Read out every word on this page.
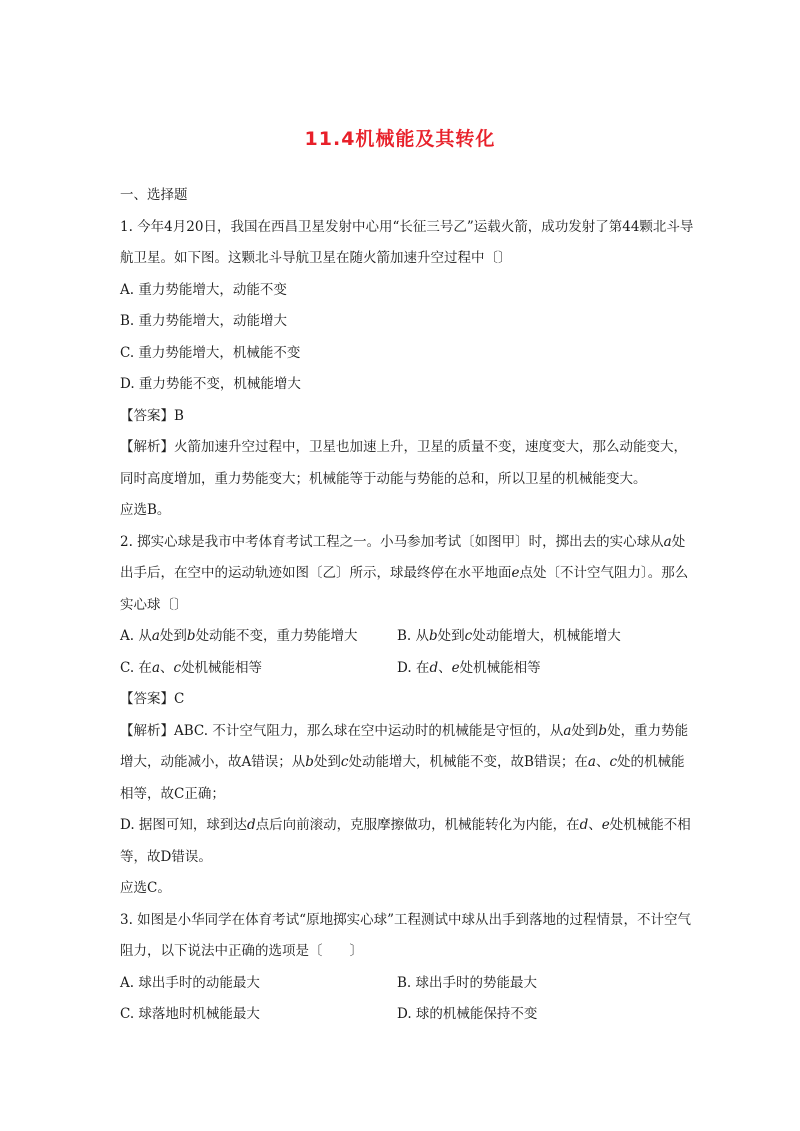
11.4机械能及其转化
一、选择题
1. 今年4月20日，我国在西昌卫星发射中心用“长征三号乙”运载火箭，成功发射了第44颗北斗导航卫星。如下图。这颗北斗导航卫星在随火箭加速升空过程中〔〕
A. 重力势能增大，动能不变
B. 重力势能增大，动能增大
C. 重力势能增大，机械能不变
D. 重力势能不变，机械能增大
【答案】B
【解析】火箭加速升空过程中，卫星也加速上升，卫星的质量不变，速度变大，那么动能变大，同时高度增加，重力势能变大；机械能等于动能与势能的总和，所以卫星的机械能变大。
应选B。
2. 掷实心球是我市中考体育考试工程之一。小马参加考试〔如图甲〕时，掷出去的实心球从a处出手后，在空中的运动轨迹如图〔乙〕所示，球最终停在水平地面e点处〔不计空气阻力〕。那么实心球〔〕
A. 从a处到b处动能不变，重力势能增大	B. 从b处到c处动能增大，机械能增大
C. 在a、c处机械能相等	D. 在d、e处机械能相等
【答案】C
【解析】ABC. 不计空气阻力，那么球在空中运动时的机械能是守恒的，从a处到b处，重力势能增大，动能减小，故A错误；从b处到c处动能增大，机械能不变，故B错误；在a、c处的机械能相等，故C正确；
D. 据图可知，球到达d点后向前滚动，克服摩擦做功，机械能转化为内能，在d、e处机械能不相等，故D错误。
应选C。
3. 如图是小华同学在体育考试“原地掷实心球”工程测试中球从出手到落地的过程情景，不计空气阻力，以下说法中正确的选项是〔　　〕
A. 球出手时的动能最大	B. 球出手时的势能最大
C. 球落地时机械能最大	D. 球的机械能保持不变
